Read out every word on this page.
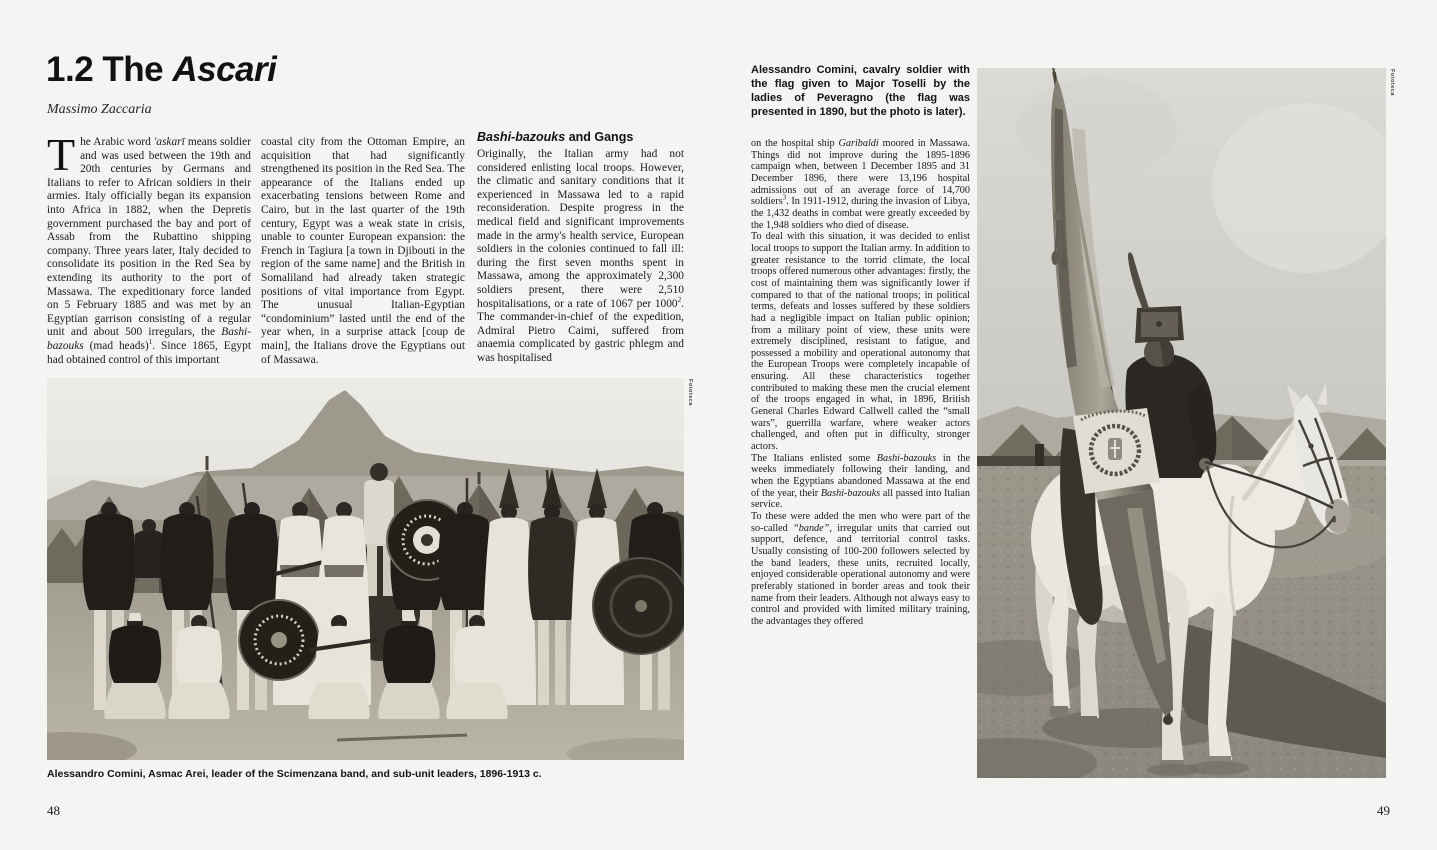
1.2 The Ascari
Massimo Zaccaria

The Arabic word 'askarī means soldier and was used between the 19th and 20th centuries by Germans and Italians to refer to African soldiers in their armies. Italy officially began its expansion into Africa in 1882, when the Depretis government purchased the bay and port of Assab from the Rubattino shipping company. Three years later, Italy decided to consolidate its position in the Red Sea by extending its authority to the port of Massawa. The expeditionary force landed on 5 February 1885 and was met by an Egyptian garrison consisting of a regular unit and about 500 irregulars, the Bashi-bazouks (mad heads)$^1$. Since 1865, Egypt had obtained control of this important

coastal city from the Ottoman Empire, an acquisition that had significantly strengthened its position in the Red Sea. The appearance of the Italians ended up exacerbating tensions between Rome and Cairo, but in the last quarter of the 19th century, Egypt was a weak state in crisis, unable to counter European expansion: the French in Tagiura [a town in Djibouti in the region of the same name] and the British in Somaliland had already taken strategic positions of vital importance from Egypt. The unusual Italian-Egyptian “condominium” lasted until the end of the year when, in a surprise attack [coup de main], the Italians drove the Egyptians out of Massawa.

Bashi-bazouks and Gangs

Originally, the Italian army had not considered enlisting local troops. However, the climatic and sanitary conditions that it experienced in Massawa led to a rapid reconsideration. Despite progress in the medical field and significant improvements made in the army's health service, European soldiers in the colonies continued to fall ill: during the first seven months spent in Massawa, among the approximately 2,300 soldiers present, there were 2,510 hospitalisations, or a rate of 1067 per 1000$^2$. The commander-in-chief of the expedition, Admiral Pietro Caimi, suffered from anaemia complicated by gastric phlegm and was hospitalised

Fototeca
Alessandro Comini, Asmac Arei, leader of the Scimenzana band, and sub-unit leaders, 1896-1913 c.
48
Alessandro Comini, cavalry soldier with the flag given to Major Toselli by the ladies of Peveragno (the flag was presented in 1890, but the photo is later).

on the hospital ship Garibaldi moored in Massawa. Things did not improve during the 1895-1896 campaign when, between 1 December 1895 and 31 December 1896, there were 13,196 hospital admissions out of an average force of 14,700 soldiers$^3$. In 1911-1912, during the invasion of Libya, the 1,432 deaths in combat were greatly exceeded by the 1,948 soldiers who died of disease.

To deal with this situation, it was decided to enlist local troops to support the Italian army. In addition to greater resistance to the torrid climate, the local troops offered numerous other advantages: firstly, the cost of maintaining them was significantly lower if compared to that of the national troops; in political terms, defeats and losses suffered by these soldiers had a negligible impact on Italian public opinion; from a military point of view, these units were extremely disciplined, resistant to fatigue, and possessed a mobility and operational autonomy that the European Troops were completely incapable of ensuring. All these characteristics together contributed to making these men the crucial element of the troops engaged in what, in 1896, British General Charles Edward Callwell called the “small wars”, guerrilla warfare, where weaker actors challenged, and often put in difficulty, stronger actors.

The Italians enlisted some Bashi-bazouks in the weeks immediately following their landing, and when the Egyptians abandoned Massawa at the end of the year, their Bashi-bazouks all passed into Italian service.

To these were added the men who were part of the so-called “bande”, irregular units that carried out support, defence, and territorial control tasks. Usually consisting of 100-200 followers selected by the band leaders, these units, recruited locally, enjoyed considerable operational autonomy and were preferably stationed in border areas and took their name from their leaders. Although not always easy to control and provided with limited military training, the advantages they offered

Fototeca
49
